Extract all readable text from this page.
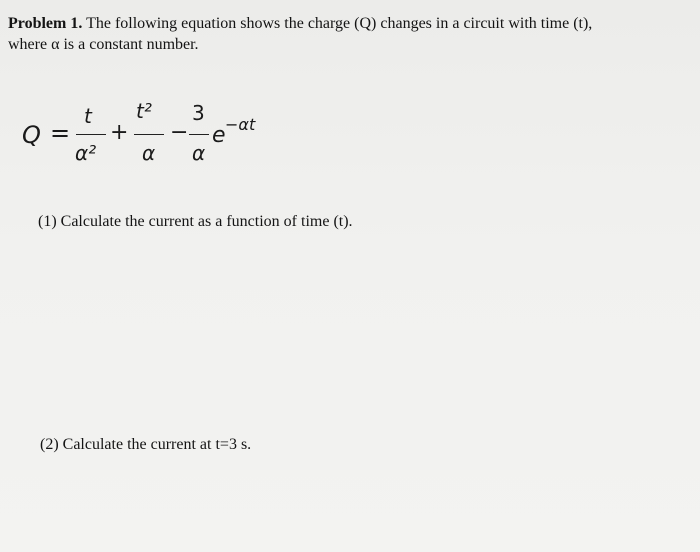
Problem 1. The following equation shows the charge (Q) changes in a circuit with time (t),
where α is a constant number.
Q =
t
α²
+
t²
α
−
3
α
e −αt
(1) Calculate the current as a function of time (t).
(2) Calculate the current at t=3 s.
